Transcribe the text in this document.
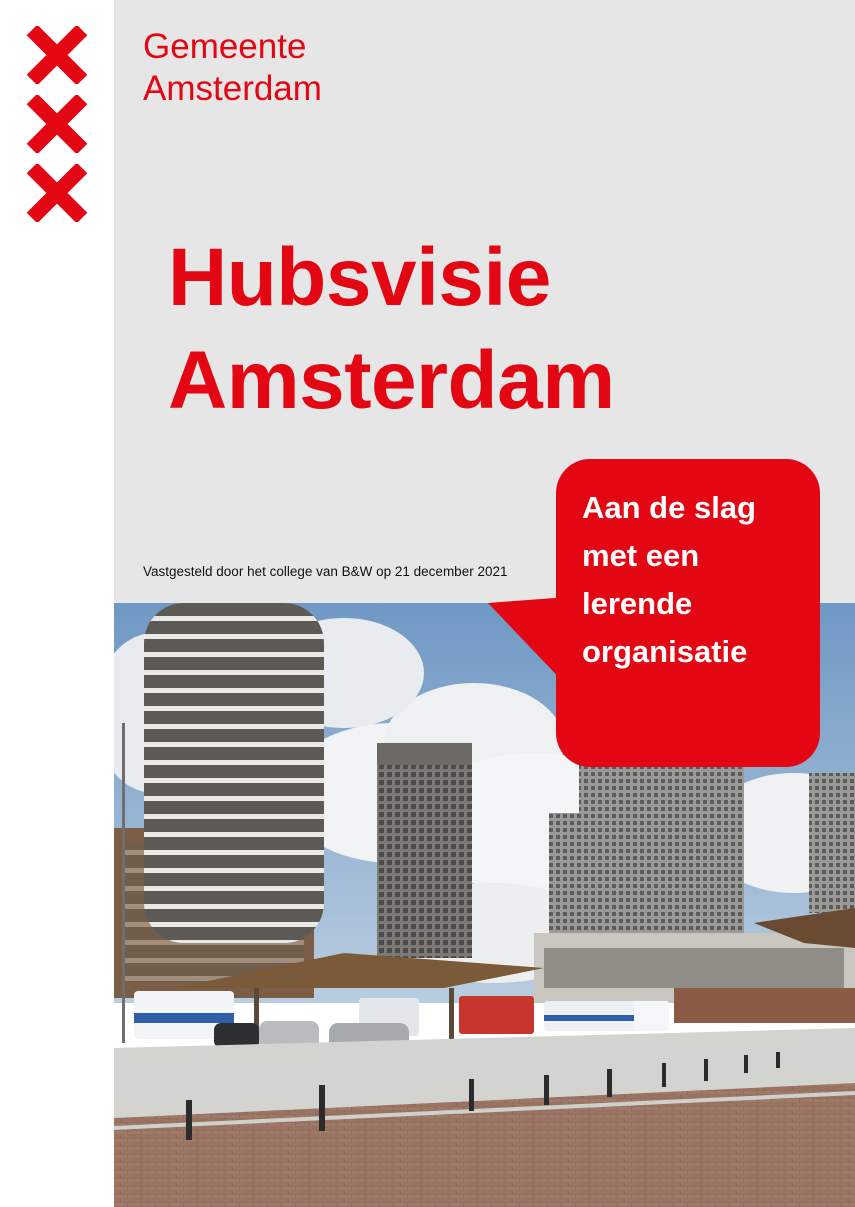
Gemeente
Amsterdam
Hubsvisie
Amsterdam

Vastgesteld door het college van B&W op 21 december 2021

Aan de slag
met een
lerende
organisatie
